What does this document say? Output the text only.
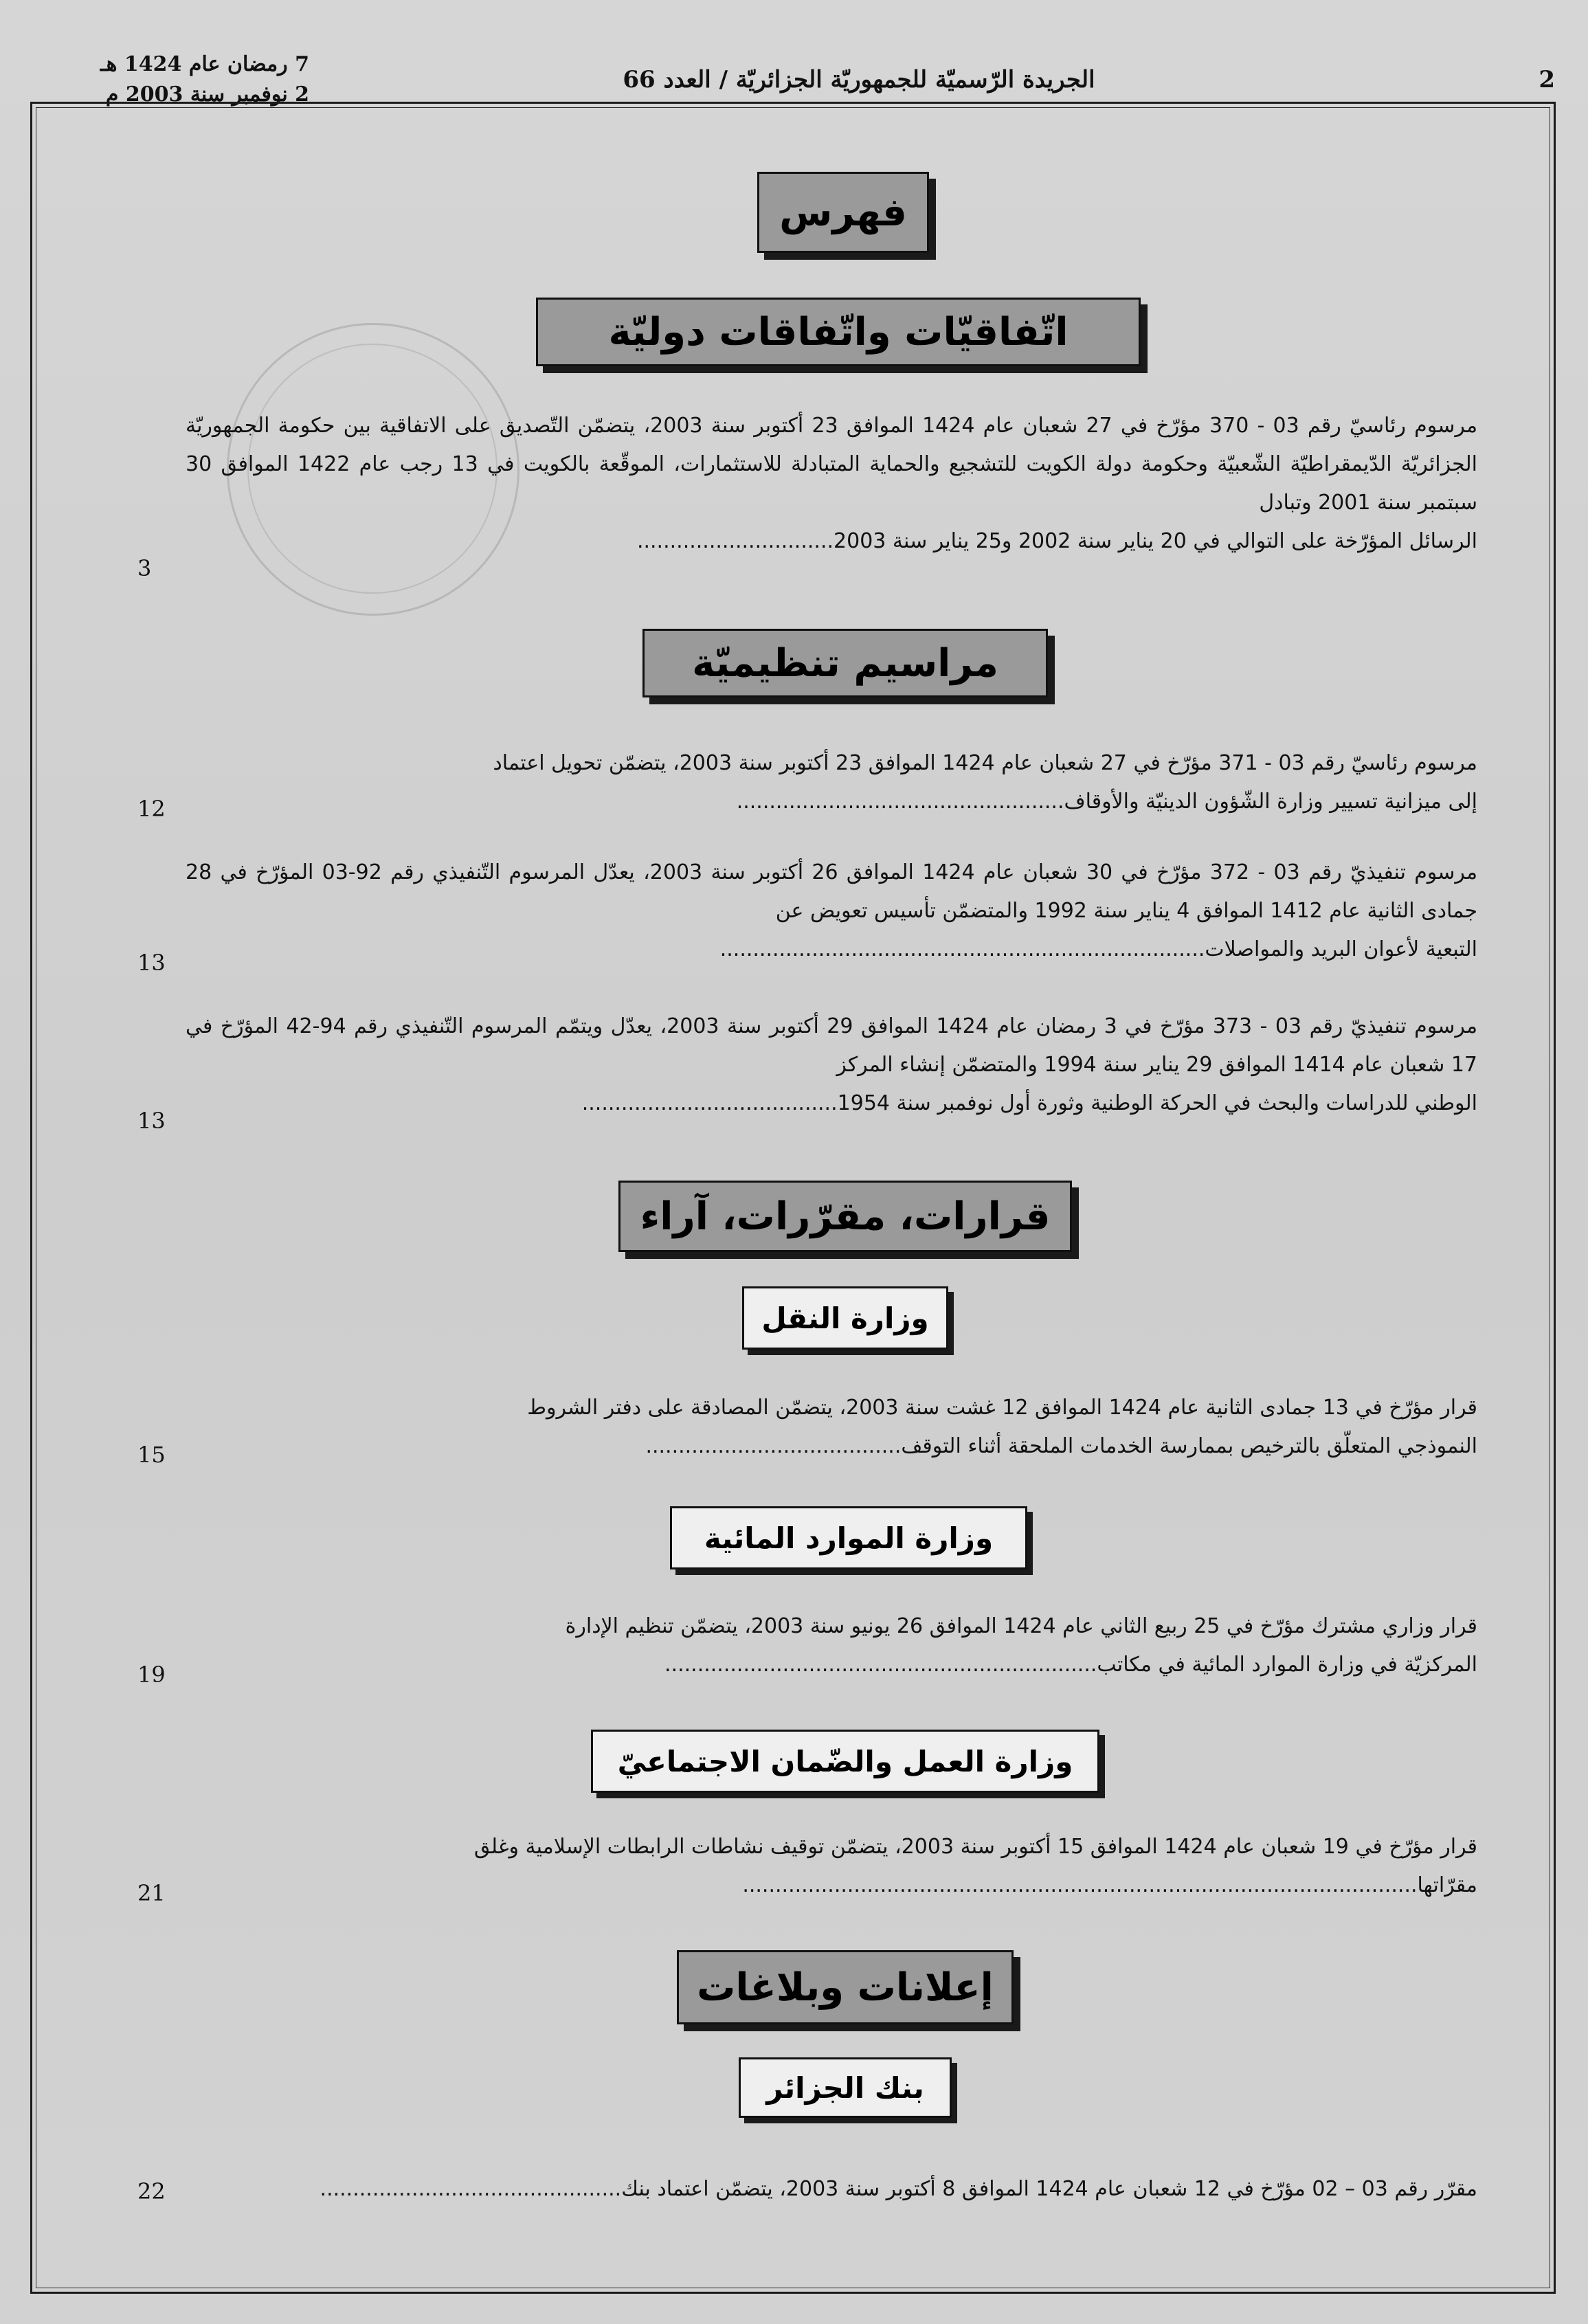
7 رمضان عام 1424 هـ
2 نوفمبر سنة 2003 م
الجريدة الرّسميّة للجمهوريّة الجزائريّة / العدد 66	2
فهرس
اتّفاقيّات واتّفاقات دوليّة
مرسوم رئاسيّ رقم 03 - 370 مؤرّخ في 27 شعبان عام 1424 الموافق 23 أكتوبر سنة 2003، يتضمّن التّصديق على الاتفاقية بين حكومة الجمهوريّة الجزائريّة الدّيمقراطيّة الشّعبيّة وحكومة دولة الكويت للتشجيع والحماية المتبادلة للاستثمارات، الموقّعة بالكويت في 13 رجب عام 1422 الموافق 30 سبتمبر سنة 2001 وتبادل
الرسائل المؤرّخة على التوالي في 20 يناير سنة 2002 و25 يناير سنة 2003..............................
3
مراسيم تنظيميّة
مرسوم رئاسيّ رقم 03 - 371 مؤرّخ في 27 شعبان عام 1424 الموافق 23 أكتوبر سنة 2003، يتضمّن تحويل اعتماد
إلى ميزانية تسيير وزارة الشّؤون الدينيّة والأوقاف..................................................
12
مرسوم تنفيذيّ رقم 03 - 372 مؤرّخ في 30 شعبان عام 1424 الموافق 26 أكتوبر سنة 2003، يعدّل المرسوم التّنفيذي رقم 92-03 المؤرّخ في 28 جمادى الثانية عام 1412 الموافق 4 يناير سنة 1992 والمتضمّن تأسيس تعويض عن
التبعية لأعوان البريد والمواصلات..........................................................................
13
مرسوم تنفيذيّ رقم 03 - 373 مؤرّخ في 3 رمضان عام 1424 الموافق 29 أكتوبر سنة 2003، يعدّل ويتمّم المرسوم التّنفيذي رقم 94-42 المؤرّخ في 17 شعبان عام 1414 الموافق 29 يناير سنة 1994 والمتضمّن إنشاء المركز
الوطني للدراسات والبحث في الحركة الوطنية وثورة أول نوفمبر سنة 1954.......................................
13
قرارات، مقرّرات، آراء
وزارة النقل
قرار مؤرّخ في 13 جمادى الثانية عام 1424 الموافق 12 غشت سنة 2003، يتضمّن المصادقة على دفتر الشروط
النموذجي المتعلّق بالترخيص بممارسة الخدمات الملحقة أثناء التوقف.......................................
15
وزارة الموارد المائية
قرار وزاري مشترك مؤرّخ في 25 ربيع الثاني عام 1424 الموافق 26 يونيو سنة 2003، يتضمّن تنظيم الإدارة
المركزيّة في وزارة الموارد المائية في مكاتب..................................................................
19
وزارة العمل والضّمان الاجتماعيّ
قرار مؤرّخ في 19 شعبان عام 1424 الموافق 15 أكتوبر سنة 2003، يتضمّن توقيف نشاطات الرابطات الإسلامية وغلق
مقرّاتها.......................................................................................................
21
إعلانات وبلاغات
بنك الجزائر
مقرّر رقم 03 – 02 مؤرّخ في 12 شعبان عام 1424 الموافق 8 أكتوبر سنة 2003، يتضمّن اعتماد بنك..............................................
22
